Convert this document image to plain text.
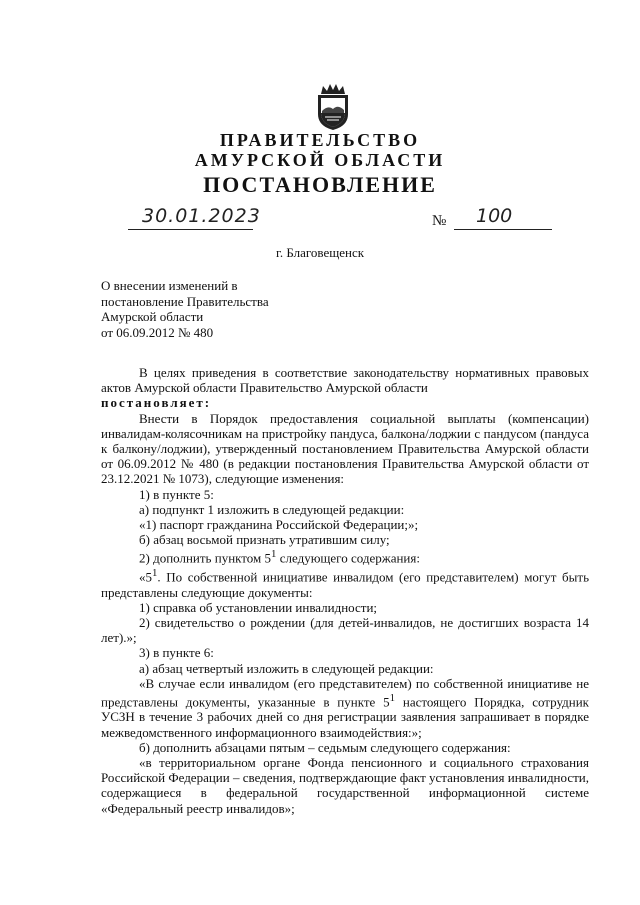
ПРАВИТЕЛЬСТВО
АМУРСКОЙ ОБЛАСТИ
ПОСТАНОВЛЕНИЕ
30.01.2023	№ 100
г. Благовещенск
О внесении изменений в
постановление Правительства
Амурской области
от 06.09.2012 № 480

В целях приведения в соответствие законодательству нормативных правовых актов Амурской области Правительство Амурской области

постановляет:

Внести в Порядок предоставления социальной выплаты (компенсации) инвалидам-колясочникам на пристройку пандуса, балкона/лоджии с пандусом (пандуса к балкону/лоджии), утвержденный постановлением Правительства Амурской области от 06.09.2012 № 480 (в редакции постановления Правительства Амурской области от 23.12.2021 № 1073), следующие изменения:

1) в пункте 5:

а) подпункт 1 изложить в следующей редакции:

«1) паспорт гражданина Российской Федерации;»;

б) абзац восьмой признать утратившим силу;

2) дополнить пунктом $5^1$ следующего содержания:

«$5^1$. По собственной инициативе инвалидом (его представителем) могут быть представлены следующие документы:

1) справка об установлении инвалидности;

2) свидетельство о рождении (для детей-инвалидов, не достигших возраста 14 лет).»;

3) в пункте 6:

а) абзац четвертый изложить в следующей редакции:

«В случае если инвалидом (его представителем) по собственной инициативе не представлены документы, указанные в пункте $5^1$ настоящего Порядка, сотрудник УСЗН в течение 3 рабочих дней со дня регистрации заявления запрашивает в порядке межведомственного информационного взаимодействия:»;

б) дополнить абзацами пятым – седьмым следующего содержания:

«в территориальном органе Фонда пенсионного и социального страхования Российской Федерации – сведения, подтверждающие факт установления инвалидности, содержащиеся в федеральной государственной информационной системе «Федеральный реестр инвалидов»;
